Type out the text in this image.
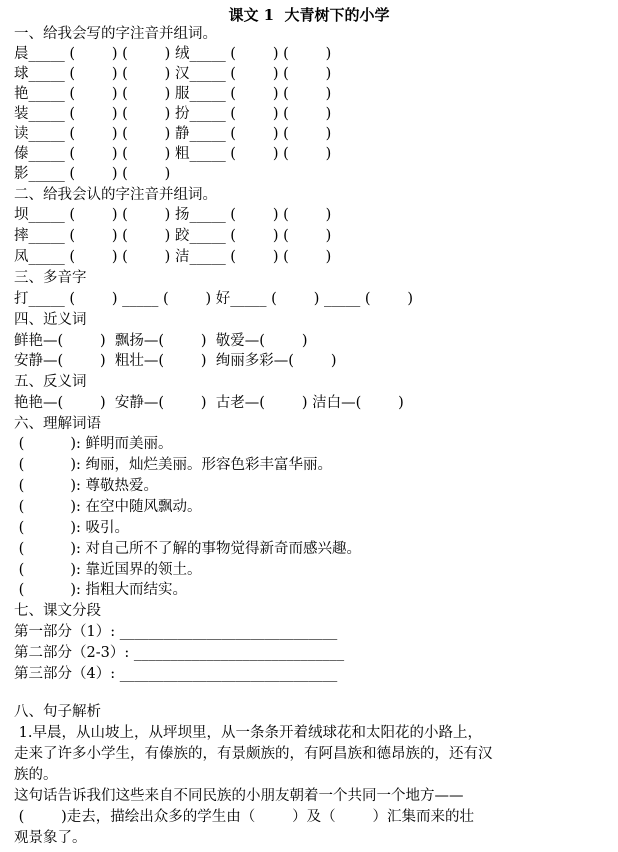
课文 1  大青树下的小学
一、给我会写的字注音并组词。
晨_____ (        ) (        ) 绒_____ (        ) (        )
球_____ (        ) (        ) 汉_____ (        ) (        )
艳_____ (        ) (        ) 服_____ (        ) (        )
装_____ (        ) (        ) 扮_____ (        ) (        )
读_____ (        ) (        ) 静_____ (        ) (        )
傣_____ (        ) (        ) 粗_____ (        ) (        )
影_____ (        ) (        )
二、给我会认的字注音并组词。
坝_____ (        ) (        ) 扬_____ (        ) (        )
摔_____ (        ) (        ) 跤_____ (        ) (        )
凤_____ (        ) (        ) 洁_____ (        ) (        )
三、多音字
打_____ (        ) _____ (        ) 好_____ (        ) _____ (        )
四、近义词
鲜艳—(        )  飘扬—(        )  敬爱—(        )
安静—(        )  粗壮—(        )  绚丽多彩—(        )
五、反义词
艳艳—(        )  安静—(        )  古老—(        ) 洁白—(        )
六、理解词语
(          ): 鲜明而美丽。
(          ): 绚丽，灿烂美丽。形容色彩丰富华丽。
(          ): 尊敬热爱。
(          ): 在空中随风飘动。
(          ): 吸引。
(          ): 对自己所不了解的事物觉得新奇而感兴趣。
(          ): 靠近国界的领土。
(          ): 指粗大而结实。
七、课文分段
第一部分（1）: ______________________________
第二部分（2-3）: _____________________________
第三部分（4）: ______________________________
八、句子解析
1.早晨，从山坡上，从坪坝里，从一条条开着绒球花和太阳花的小路上，
走来了许多小学生，有傣族的，有景颇族的，有阿昌族和德昂族的，还有汉
族的。
这句话告诉我们这些来自不同民族的小朋友朝着一个共同一个地方——
(        )走去，描绘出众多的学生由（        ）及（        ）汇集而来的壮
观景象了。
